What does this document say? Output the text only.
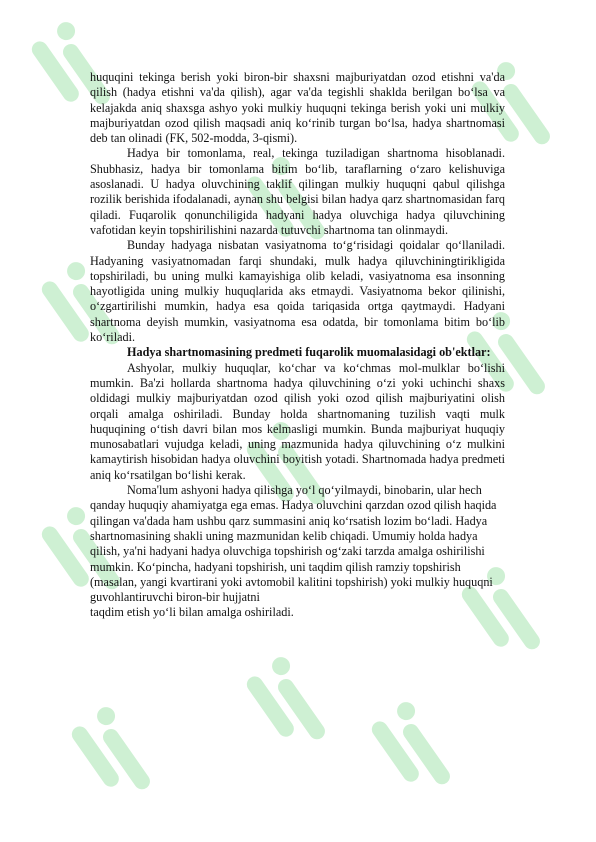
huquqini tekinga berish yoki biron-bir shaxsni majburiyatdan ozod etishni va'da qilish (hadya etishni va'da qilish), agar va'da tegishli shaklda berilgan bo‘lsa va kelajakda aniq shaxsga ashyo yoki mulkiy huquqni tekinga berish yoki uni mulkiy majburiyatdan ozod qilish maqsadi aniq ko‘rinib turgan bo‘lsa, hadya shartnomasi deb tan olinadi (FK, 502-modda, 3-qismi).

Hadya bir tomonlama, real, tekinga tuziladigan shartnoma hisoblanadi. Shubhasiz, hadya bir tomonlama bitim bo‘lib, taraflarning o‘zaro kelishuviga asoslanadi. U hadya oluvchining taklif qilingan mulkiy huquqni qabul qilishga rozilik berishida ifodalanadi, aynan shu belgisi bilan hadya qarz shartnomasidan farq qiladi. Fuqarolik qonunchiligida hadyani hadya oluvchiga hadya qiluvchining vafotidan keyin topshirilishini nazarda tutuvchi shartnoma tan olinmaydi.

Bunday hadyaga nisbatan vasiyatnoma to‘g‘risidagi qoidalar qo‘llaniladi. Hadyaning vasiyatnomadan farqi shundaki, mulk hadya qiluvchiningtirikligida topshiriladi, bu uning mulki kamayishiga olib keladi, vasiyatnoma esa insonning hayotligida uning mulkiy huquqlarida aks etmaydi. Vasiyatnoma bekor qilinishi, o‘zgartirilishi mumkin, hadya esa qoida tariqasida ortga qaytmaydi. Hadyani shartnoma deyish mumkin, vasiyatnoma esa odatda, bir tomonlama bitim bo‘lib ko‘riladi.

Hadya shartnomasining predmeti fuqarolik muomalasidagi ob'ektlar:

Ashyolar, mulkiy huquqlar, ko‘char va ko‘chmas mol-mulklar bo‘lishi mumkin. Ba'zi hollarda shartnoma hadya qiluvchining o‘zi yoki uchinchi shaxs oldidagi mulkiy majburiyatdan ozod qilish yoki ozod qilish majburiyatini olish orqali amalga oshiriladi. Bunday holda shartnomaning tuzilish vaqti mulk huquqining o‘tish davri bilan mos kelmasligi mumkin. Bunda majburiyat huquqiy munosabatlari vujudga keladi, uning mazmunida hadya qiluvchining o‘z mulkini kamaytirish hisobidan hadya oluvchini boyitish yotadi. Shartnomada hadya predmeti aniq ko‘rsatilgan bo‘lishi kerak.

Noma'lum ashyoni hadya qilishga yo‘l qo‘yilmaydi, binobarin, ular hech qanday huquqiy ahamiyatga ega emas. Hadya oluvchini qarzdan ozod qilish haqida qilingan va'dada ham ushbu qarz summasini aniq ko‘rsatish lozim bo‘ladi. Hadya shartnomasining shakli uning mazmunidan kelib chiqadi. Umumiy holda hadya qilish, ya'ni hadyani hadya oluvchiga topshirish og‘zaki tarzda amalga oshirilishi mumkin. Ko‘pincha, hadyani topshirish, uni taqdim qilish ramziy topshirish (masalan, yangi kvartirani yoki avtomobil kalitini topshirish) yoki mulkiy huquqni guvohlantiruvchi biron-bir hujjatni

taqdim etish yo‘li bilan amalga oshiriladi.
